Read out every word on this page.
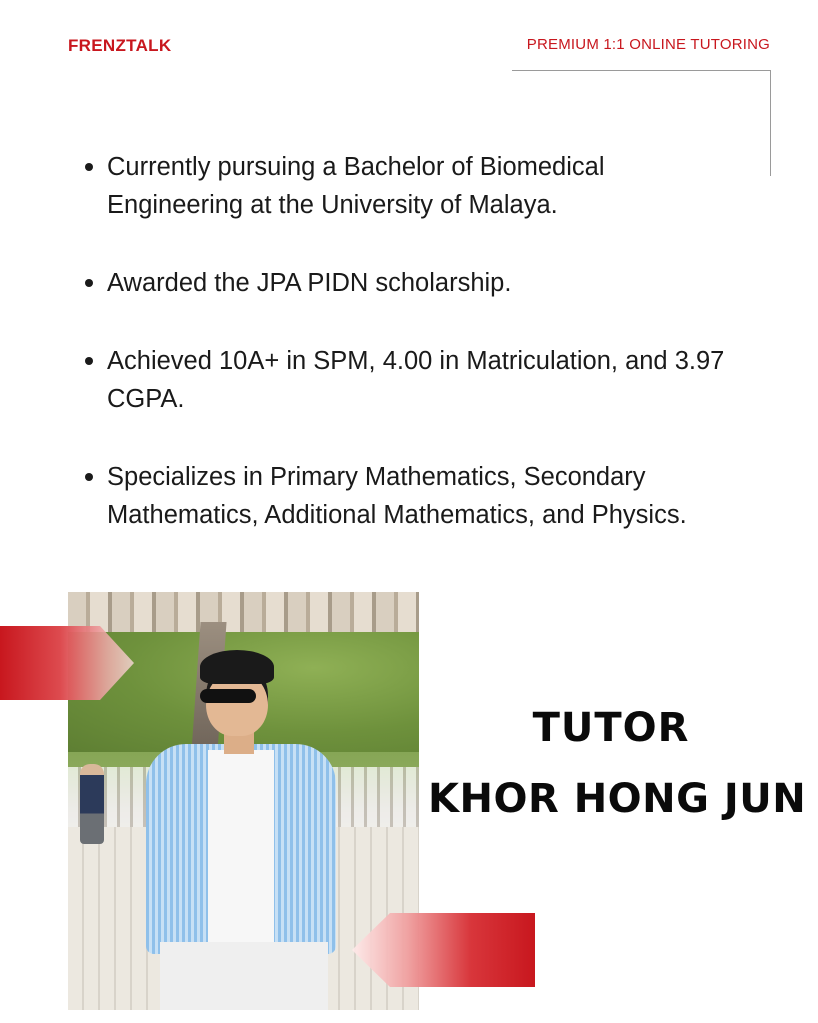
FRENZTALK	PREMIUM 1:1 ONLINE TUTORING
Currently pursuing a Bachelor of Biomedical Engineering at the University of Malaya.
Awarded the JPA PIDN scholarship.
Achieved 10A+ in SPM, 4.00 in Matriculation, and 3.97 CGPA.
Specializes in Primary Mathematics, Secondary Mathematics, Additional Mathematics, and Physics.
TUTOR
KHOR HONG JUN
